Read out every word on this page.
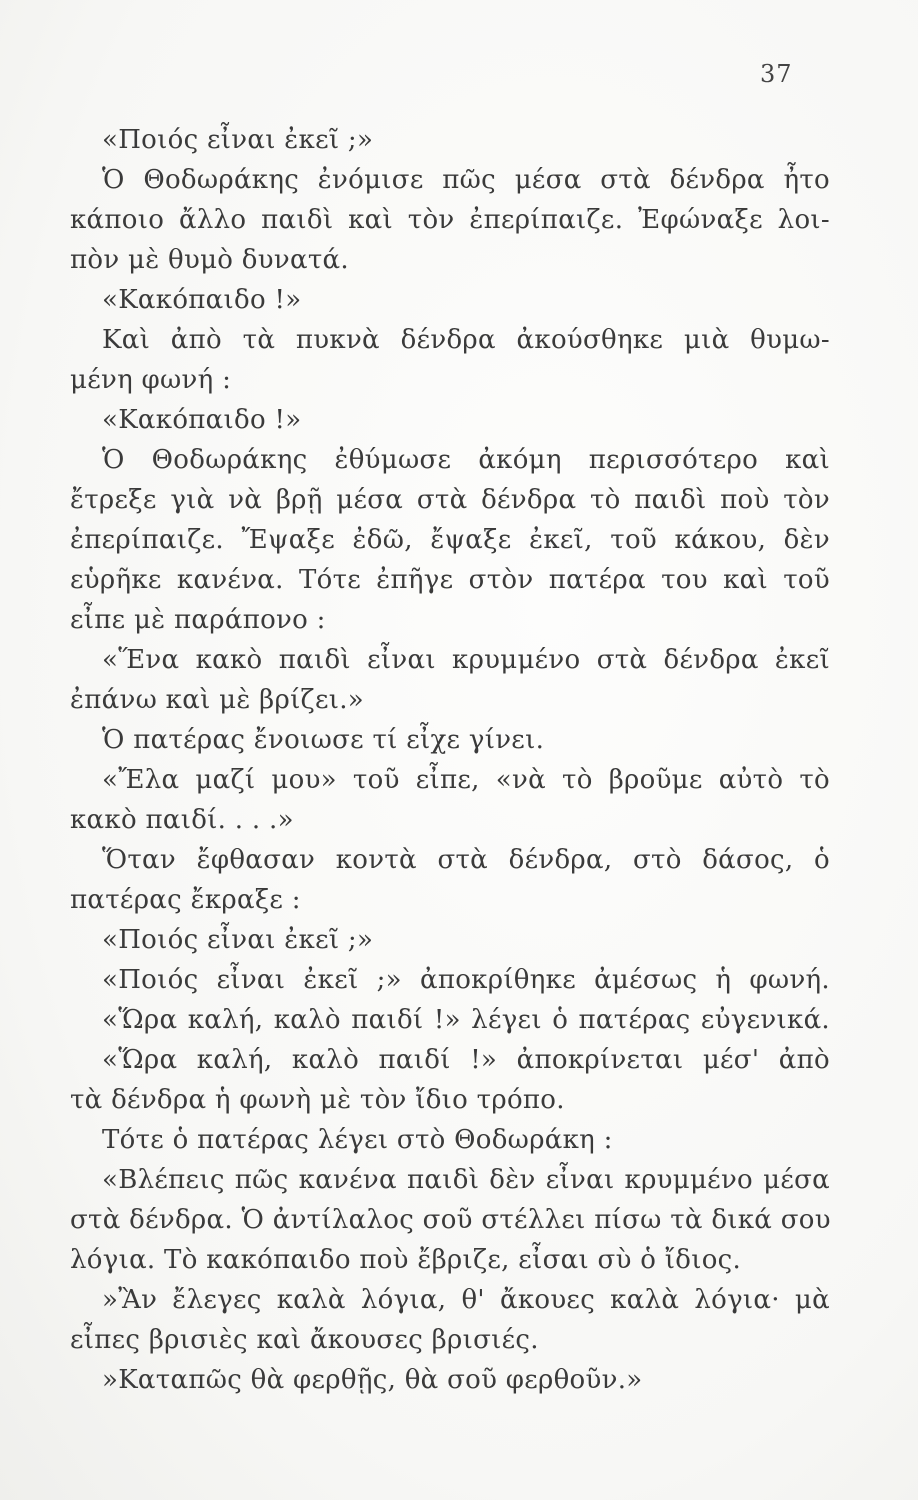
37
«Ποιός εἶναι ἐκεῖ ;»
Ὁ Θοδωράκης ἐνόμισε πῶς μέσα στὰ δένδρα ἦτο
κάποιο ἄλλο παιδὶ καὶ τὸν ἐπερίπαιζε. Ἐφώναξε λοι-
πὸν μὲ θυμὸ δυνατά.
«Κακόπαιδο !»
Καὶ ἀπὸ τὰ πυκνὰ δένδρα ἀκούσθηκε μιὰ θυμω-
μένη φωνή :
«Κακόπαιδο !»
Ὁ Θοδωράκης ἐθύμωσε ἀκόμη περισσότερο καὶ
ἔτρεξε γιὰ νὰ βρῇ μέσα στὰ δένδρα τὸ παιδὶ ποὺ τὸν
ἐπερίπαιζε. Ἔψαξε ἐδῶ, ἔψαξε ἐκεῖ, τοῦ κάκου, δὲν
εὑρῆκε κανένα. Τότε ἐπῆγε στὸν πατέρα του καὶ τοῦ
εἶπε μὲ παράπονο :
«Ἕνα κακὸ παιδὶ εἶναι κρυμμένο στὰ δένδρα ἐκεῖ
ἐπάνω καὶ μὲ βρίζει.»
Ὁ πατέρας ἔνοιωσε τί εἶχε γίνει.
«Ἔλα μαζί μου» τοῦ εἶπε, «νὰ τὸ βροῦμε αὐτὸ τὸ
κακὸ παιδί. . . .»
Ὅταν ἔφθασαν κοντὰ στὰ δένδρα, στὸ δάσος, ὁ
πατέρας ἔκραξε :
«Ποιός εἶναι ἐκεῖ ;»
«Ποιός εἶναι ἐκεῖ ;» ἀποκρίθηκε ἀμέσως ἡ φωνή.
«Ὥρα καλή, καλὸ παιδί !» λέγει ὁ πατέρας εὐγενικά.
«Ὥρα καλή, καλὸ παιδί !» ἀποκρίνεται μέσ' ἀπὸ
τὰ δένδρα ἡ φωνὴ μὲ τὸν ἴδιο τρόπο.
Τότε ὁ πατέρας λέγει στὸ Θοδωράκη :
«Βλέπεις πῶς κανένα παιδὶ δὲν εἶναι κρυμμένο μέσα
στὰ δένδρα. Ὁ ἀντίλαλος σοῦ στέλλει πίσω τὰ δικά σου
λόγια. Τὸ κακόπαιδο ποὺ ἔβριζε, εἶσαι σὺ ὁ ἴδιος.
»Ἂν ἔλεγες καλὰ λόγια, θ' ἄκουες καλὰ λόγια· μὰ
εἶπες βρισιὲς καὶ ἄκουσες βρισιές.
»Καταπῶς θὰ φερθῇς, θὰ σοῦ φερθοῦν.»
